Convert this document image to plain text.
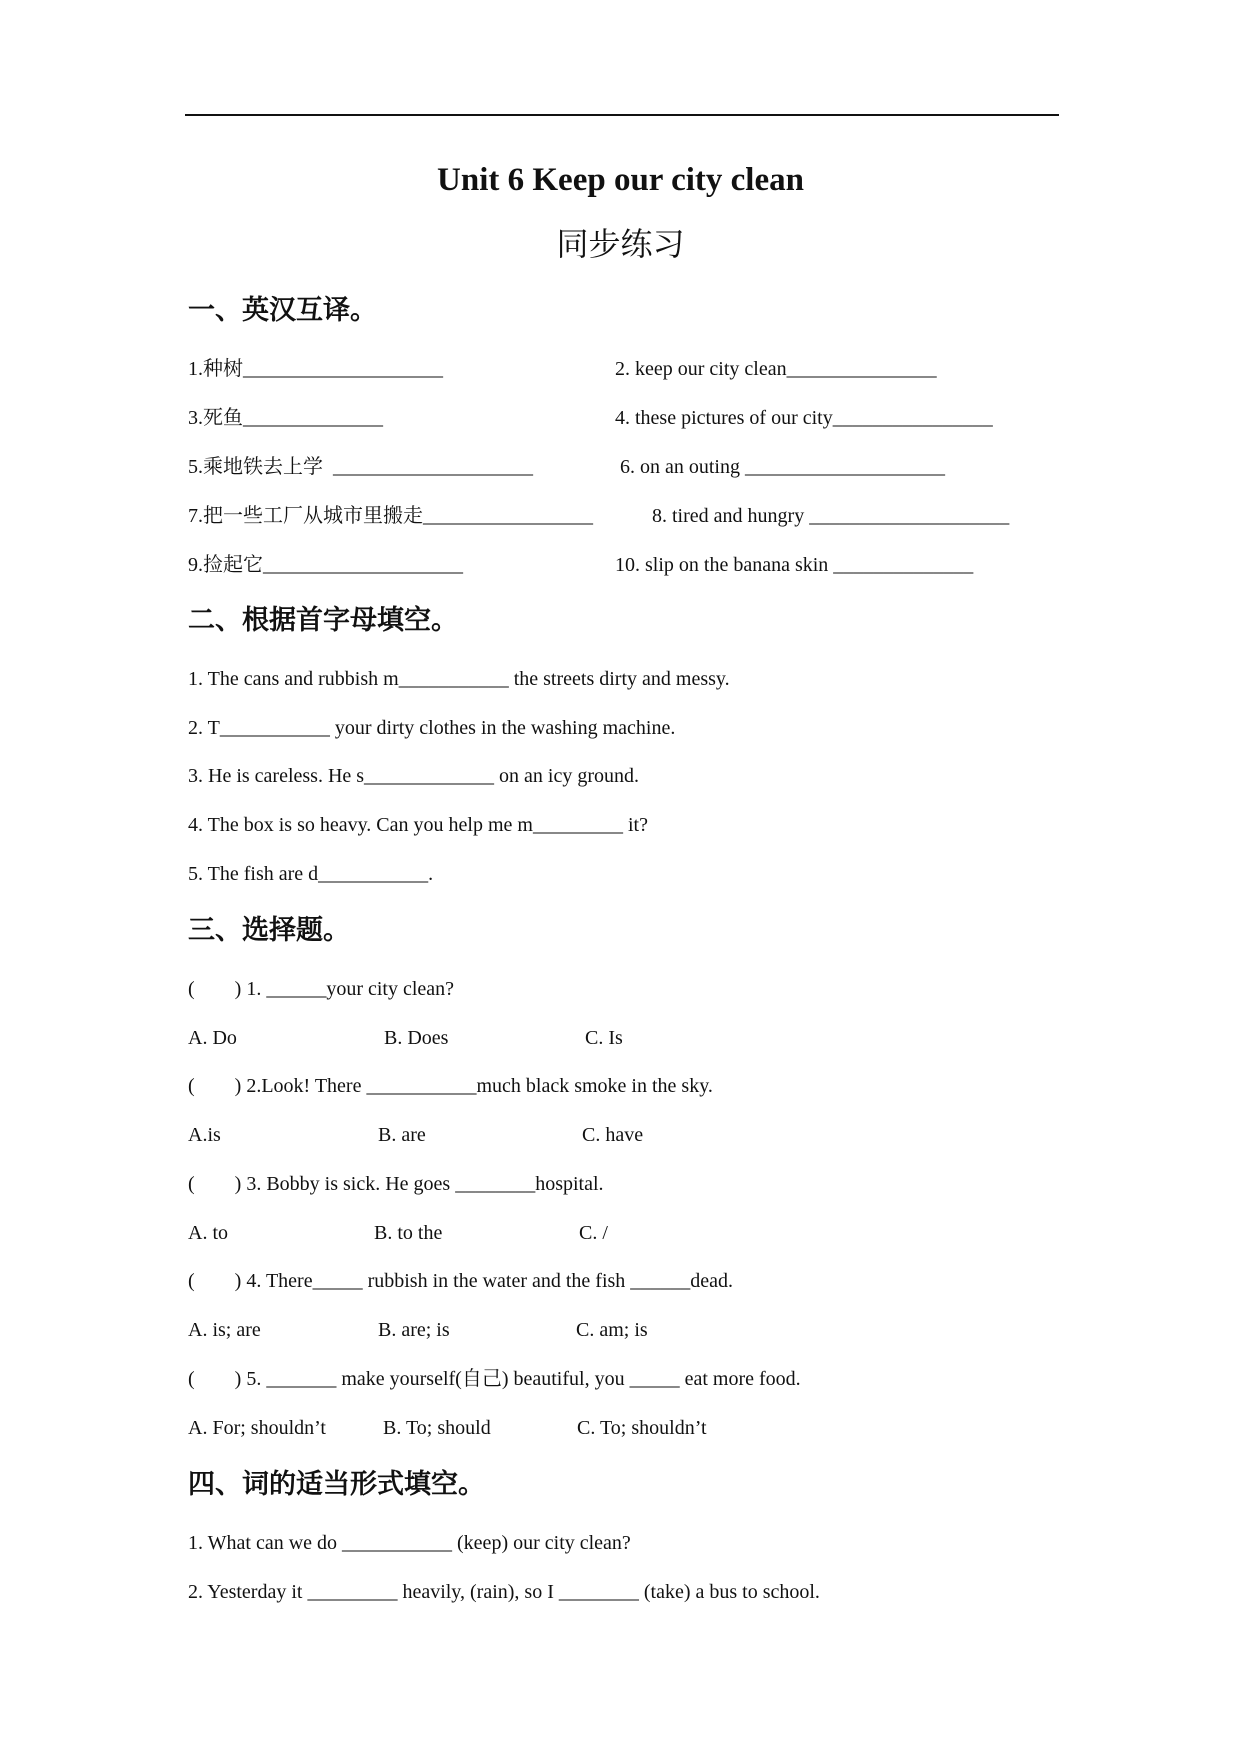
Unit 6 Keep our city clean
同步练习
一、英汉互译。
1.种树____________________	2. keep our city clean_______________
3.死鱼______________	4. these pictures of our city________________
5.乘地铁去上学  ____________________	6. on an outing ____________________
7.把一些工厂从城市里搬走_________________ 8. tired and hungry ____________________
9.捡起它____________________	10. slip on the banana skin ______________
二、根据首字母填空。
1. The cans and rubbish m___________ the streets dirty and messy.
2. T___________ your dirty clothes in the washing machine.
3. He is careless. He s_____________ on an icy ground.
4. The box is so heavy. Can you help me m_________ it?
5. The fish are d___________.
三、选择题。
(        ) 1. ______your city clean?
A. Do	B. Does	C. Is
(        ) 2.Look! There ___________much black smoke in the sky.
A.is	B. are	C. have
(        ) 3. Bobby is sick. He goes ________hospital.
A. to	B. to the	C. /
(        ) 4. There_____ rubbish in the water and the fish ______dead.
A. is; are	B. are; is	C. am; is
(        ) 5. _______ make yourself(自己) beautiful, you _____ eat more food.
A. For; shouldn’t	B. To; should	C. To; shouldn’t
四、词的适当形式填空。
1. What can we do ___________ (keep) our city clean?
2. Yesterday it _________ heavily, (rain), so I ________ (take) a bus to school.
